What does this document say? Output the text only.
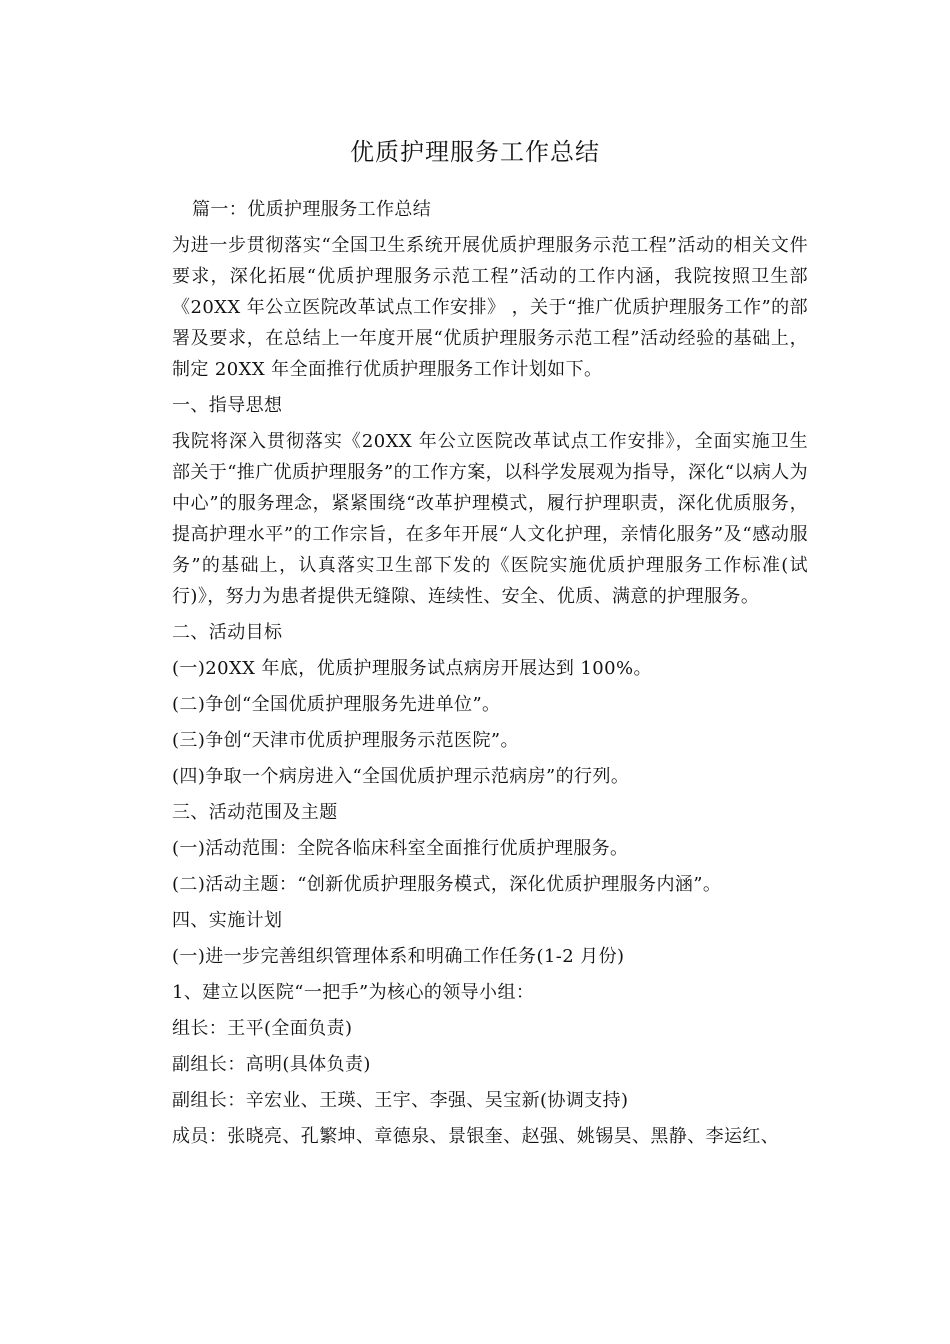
优质护理服务工作总结

篇一：优质护理服务工作总结

为进一步贯彻落实“全国卫生系统开展优质护理服务示范工程”活动的相关文件要求，深化拓展“优质护理服务示范工程”活动的工作内涵，我院按照卫生部《20XX 年公立医院改革试点工作安排》 ，关于“推广优质护理服务工作”的部署及要求，在总结上一年度开展“优质护理服务示范工程”活动经验的基础上，制定 20XX 年全面推行优质护理服务工作计划如下。

一、指导思想

我院将深入贯彻落实《20XX 年公立医院改革试点工作安排》，全面实施卫生部关于“推广优质护理服务”的工作方案，以科学发展观为指导，深化“以病人为中心”的服务理念，紧紧围绕“改革护理模式，履行护理职责，深化优质服务，提高护理水平”的工作宗旨，在多年开展“人文化护理，亲情化服务”及“感动服务”的基础上，认真落实卫生部下发的《医院实施优质护理服务工作标准(试行)》，努力为患者提供无缝隙、连续性、安全、优质、满意的护理服务。

二、活动目标

(一)20XX 年底，优质护理服务试点病房开展达到 100%。

(二)争创“全国优质护理服务先进单位”。

(三)争创“天津市优质护理服务示范医院”。

(四)争取一个病房进入“全国优质护理示范病房”的行列。

三、活动范围及主题

(一)活动范围：全院各临床科室全面推行优质护理服务。

(二)活动主题：“创新优质护理服务模式，深化优质护理服务内涵”。

四、实施计划

(一)进一步完善组织管理体系和明确工作任务(1-2 月份)

1、建立以医院“一把手”为核心的领导小组：

组长：王平(全面负责)

副组长：高明(具体负责)

副组长：辛宏业、王瑛、王宇、李强、吴宝新(协调支持)

成员：张晓亮、孔繁坤、章德泉、景银奎、赵强、姚锡昊、黑静、李运红、
